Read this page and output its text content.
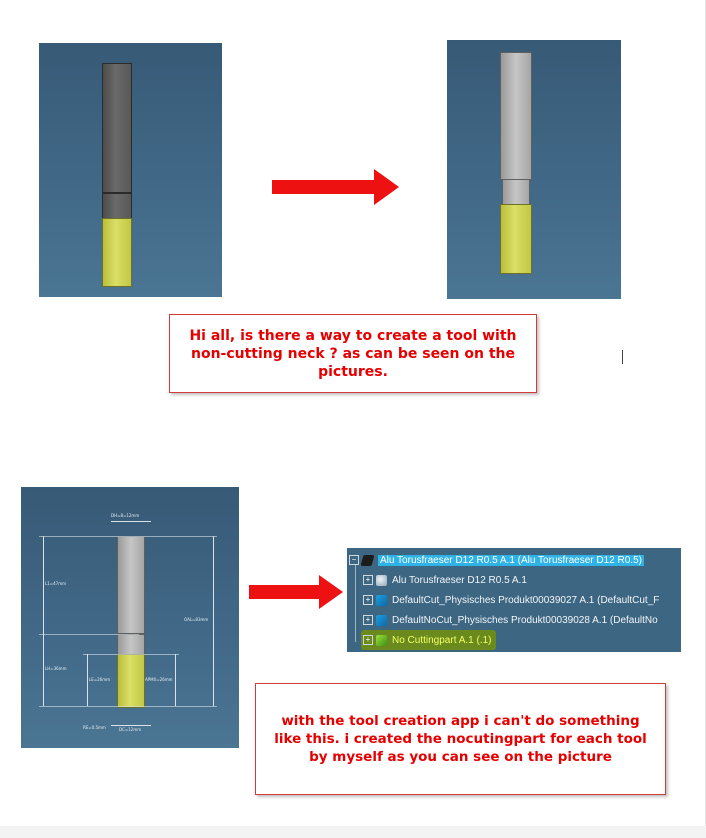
Hi all, is there a way to create a tool with non-cutting neck ? as can be seen on the pictures.
DH=8=12mm
L1=47mm
OAL=83mm
LH=36mm
LE=26mm	APMX=26mm
RE=0.5mm	DC=12mm
− Alu Torusfraeser D12 R0.5 A.1 (Alu Torusfraeser D12 R0.5)
+ Alu Torusfraeser D12 R0.5 A.1
+ DefaultCut_Physisches Produkt00039027 A.1 (DefaultCut_F
+ DefaultNoCut_Physisches Produkt00039028 A.1 (DefaultNo
+ No Cuttingpart A.1 (.1)
with the tool creation app i can't do something like this. i created the nocutingpart for each tool by myself as you can see on the picture
